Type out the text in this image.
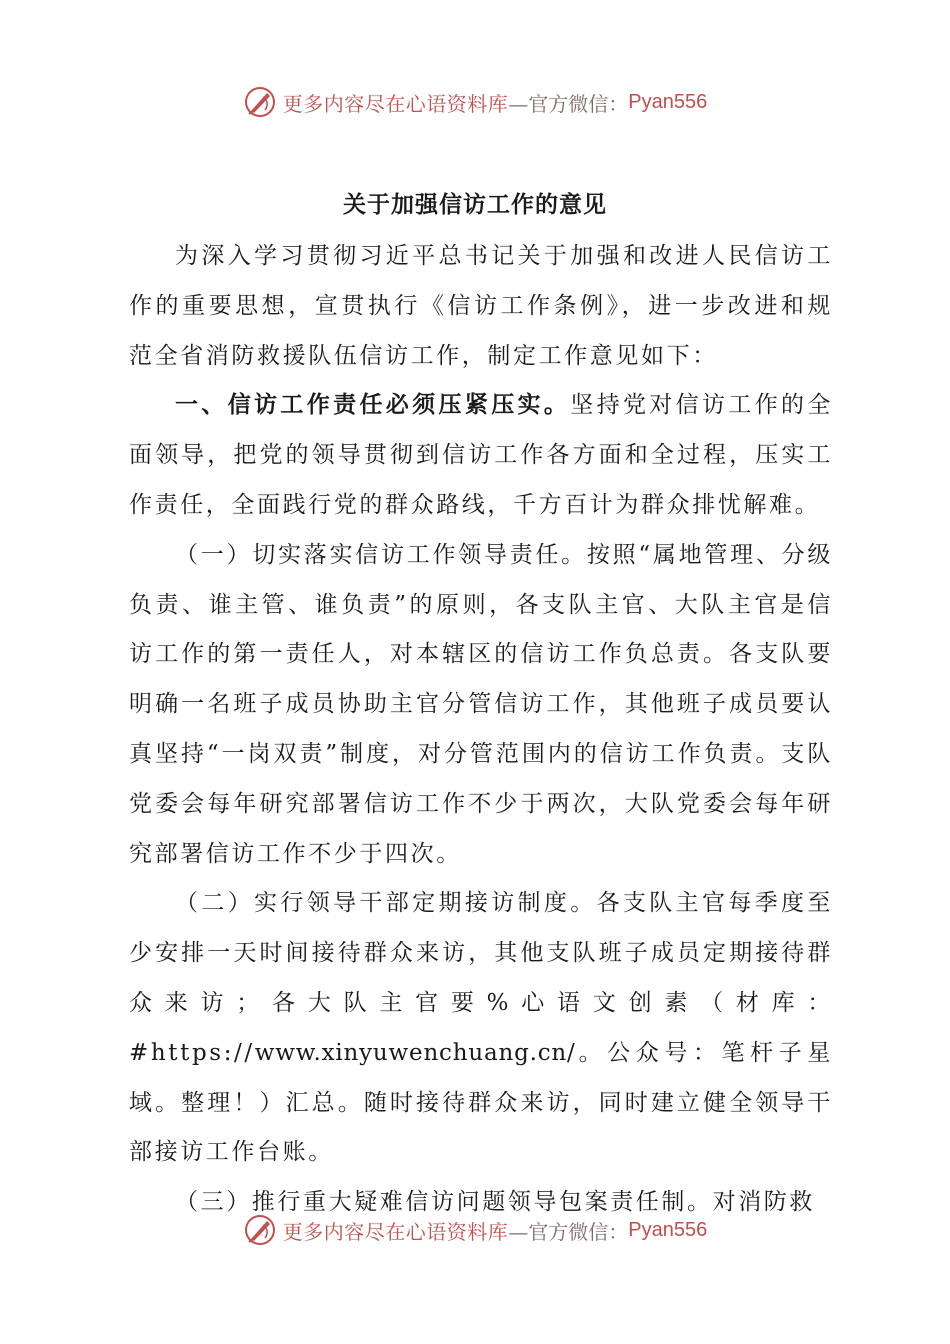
更多内容尽在心语资料库 —官方微信： Pyan556
关于加强信访工作的意见

为深入学习贯彻习近平总书记关于加强和改进人民信访工作的重要思想，宣贯执行《信访工作条例》，进一步改进和规范全省消防救援队伍信访工作，制定工作意见如下：

一、信访工作责任必须压紧压实。坚持党对信访工作的全面领导，把党的领导贯彻到信访工作各方面和全过程，压实工作责任，全面践行党的群众路线，千方百计为群众排忧解难。

（一）切实落实信访工作领导责任。按照“属地管理、分级负责、谁主管、谁负责”的原则，各支队主官、大队主官是信访工作的第一责任人，对本辖区的信访工作负总责。各支队要明确一名班子成员协助主官分管信访工作，其他班子成员要认真坚持“一岗双责”制度，对分管范围内的信访工作负责。支队党委会每年研究部署信访工作不少于两次，大队党委会每年研究部署信访工作不少于四次。

（二）实行领导干部定期接访制度。各支队主官每季度至少安排一天时间接待群众来访，其他支队班子成员定期接待群众来访；各大队主官要%心语文创素（材库：#https://www.xinyuwenchuang.cn/。公众号：笔杆子星域。整理！）汇总。随时接待群众来访，同时建立健全领导干部接访工作台账。

（三）推行重大疑难信访问题领导包案责任制。对消防救

更多内容尽在心语资料库 —官方微信： Pyan556
